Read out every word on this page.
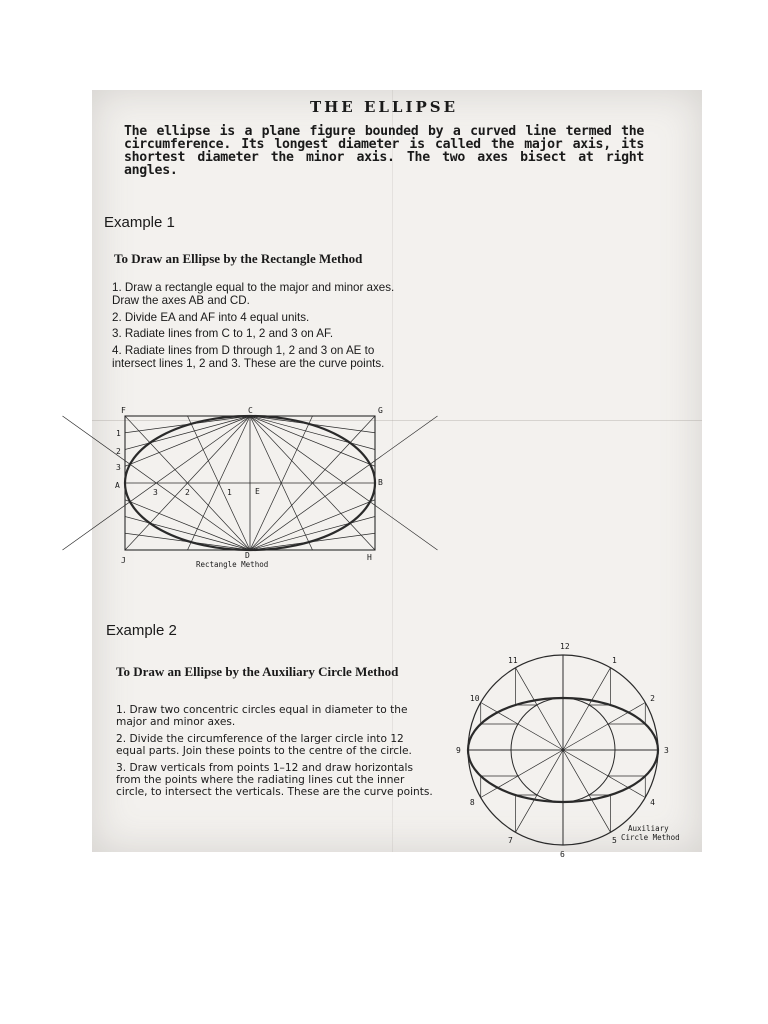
THE ELLIPSE
The ellipse is a plane figure bounded by a curved line termed the circumference. Its longest diameter is called the major axis, its shortest diameter the minor axis. The two axes bisect at right angles.
Example 1
To Draw an Ellipse by the Rectangle Method

1. Draw a rectangle equal to the major and minor axes. Draw the axes AB and CD.

2. Divide EA and AF into 4 equal units.

3. Radiate lines from C to 1, 2 and 3 on AF.

4. Radiate lines from D through 1, 2 and 3 on AE to intersect lines 1, 2 and 3. These are the curve points.

F	C	G
A	B
E
J
D	H
1
2
3
3	2	1
Rectangle Method
Example 2
To Draw an Ellipse by the Auxiliary Circle Method

1. Draw two concentric circles equal in diameter to the major and minor axes.

2. Divide the circumference of the larger circle into 12 equal parts. Join these points to the centre of the circle.

3. Draw verticals from points 1–12 and draw horizontals from the points where the radiating lines cut the inner circle, to intersect the verticals. These are the curve points.

1
2
3
4
5
6
7
8
9
10
11
12
Auxiliary
Circle Method
